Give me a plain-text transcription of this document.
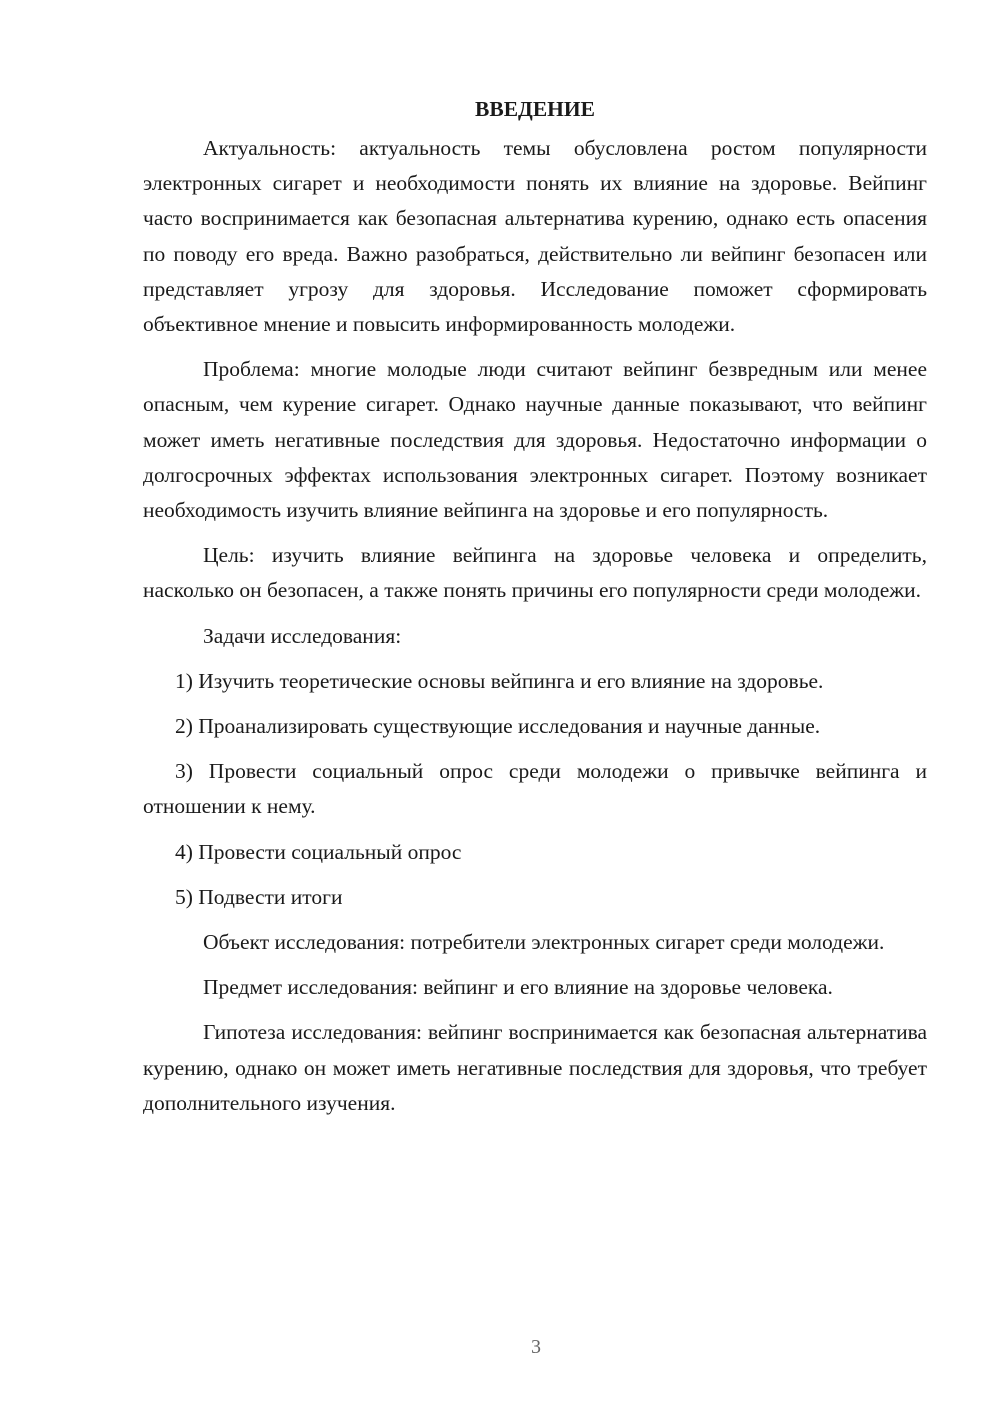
ВВЕДЕНИЕ

Актуальность: актуальность темы обусловлена ростом популярности электронных сигарет и необходимости понять их влияние на здоровье. Вейпинг часто воспринимается как безопасная альтернатива курению, однако есть опасения по поводу его вреда. Важно разобраться, действительно ли вейпинг безопасен или представляет угрозу для здоровья. Исследование поможет сформировать объективное мнение и повысить информированность молодежи.

Проблема: многие молодые люди считают вейпинг безвредным или менее опасным, чем курение сигарет. Однако научные данные показывают, что вейпинг может иметь негативные последствия для здоровья. Недостаточно информации о долгосрочных эффектах использования электронных сигарет. Поэтому возникает необходимость изучить влияние вейпинга на здоровье и его популярность.

Цель: изучить влияние вейпинга на здоровье человека и определить, насколько он безопасен, а также понять причины его популярности среди молодежи.

Задачи исследования:

1) Изучить теоретические основы вейпинга и его влияние на здоровье.

2) Проанализировать существующие исследования и научные данные.

3) Провести социальный опрос среди молодежи о привычке вейпинга и отношении к нему.

4) Провести социальный опрос

5) Подвести итоги

Объект исследования: потребители электронных сигарет среди молодежи.

Предмет исследования: вейпинг и его влияние на здоровье человека.

Гипотеза исследования: вейпинг воспринимается как безопасная альтернатива курению, однако он может иметь негативные последствия для здоровья, что требует дополнительного изучения.

3
